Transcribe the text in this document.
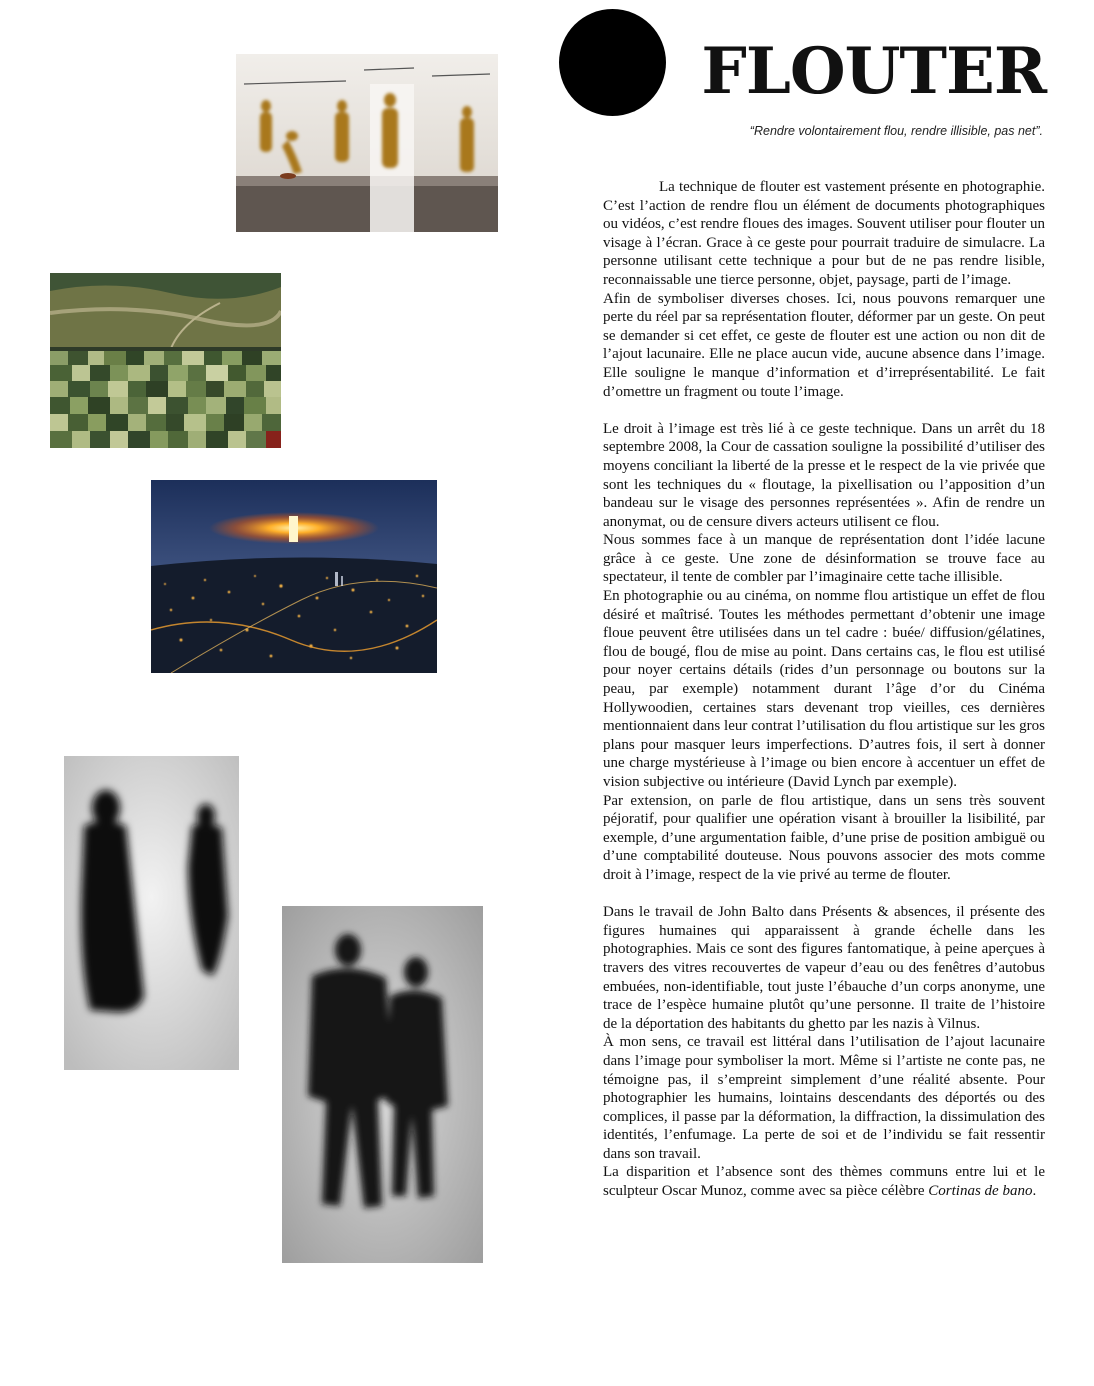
FLOUTER

“Rendre volontairement flou, rendre illisible, pas net”.

La technique de flouter est vastement présente en photographie. C’est l’action de rendre flou un élément de documents photographiques ou vidéos, c’est rendre floues des images. Souvent utiliser pour flouter un visage à l’écran. Grace à ce geste pour pourrait traduire de simulacre. La personne utilisant cette technique a pour but de ne pas rendre lisible, reconnaissable une tierce personne, objet, paysage, parti de l’image.

Afin de symboliser diverses choses. Ici, nous pouvons remarquer une perte du réel par sa représentation flouter, déformer par un geste. On peut se demander si cet effet, ce geste de flouter est une action ou non dit de l’ajout lacunaire. Elle ne place aucun vide, aucune absence dans l’image. Elle souligne le manque d’information et d’irreprésentabilité. Le fait d’omettre un fragment ou toute l’image.

Le droit à l’image est très lié à ce geste technique. Dans un arrêt du 18 septembre 2008, la Cour de cassation souligne la possibilité d’utiliser des moyens conciliant la liberté de la presse et le respect de la vie privée que sont les techniques du « floutage, la pixellisation ou l’apposition d’un bandeau sur le visage des personnes représentées ». Afin de rendre un anonymat, ou de censure divers acteurs utilisent ce flou.

Nous sommes face à un manque de représentation dont l’idée lacune grâce à ce geste. Une zone de désinformation se trouve face au spectateur, il tente de combler par l’imaginaire cette tache illisible.

En photographie ou au cinéma, on nomme flou artistique un effet de flou désiré et maîtrisé. Toutes les méthodes permettant d’obtenir une image floue peuvent être utilisées dans un tel cadre : buée/ diffusion/gélatines, flou de bougé, flou de mise au point. Dans certains cas, le flou est utilisé pour noyer certains détails (rides d’un personnage ou boutons sur la peau, par exemple) notamment durant l’âge d’or du Cinéma Hollywoodien, certaines stars devenant trop vieilles, ces dernières mentionnaient dans leur contrat l’utilisation du flou artistique sur les gros plans pour masquer leurs imperfections. D’autres fois, il sert à donner une charge mystérieuse à l’image ou bien encore à accentuer un effet de vision subjective ou intérieure (David Lynch par exemple).

Par extension, on parle de flou artistique, dans un sens très souvent péjoratif, pour qualifier une opération visant à brouiller la lisibilité, par exemple, d’une argumentation faible, d’une prise de position ambiguë ou d’une comptabilité douteuse. Nous pouvons associer des mots comme droit à l’image, respect de la vie privé au terme de flouter.

Dans le travail de John Balto dans Présents & absences, il présente des figures humaines qui apparaissent à grande échelle dans les photographies. Mais ce sont des figures fantomatique, à peine aperçues à travers des vitres recouvertes de vapeur d’eau ou des fenêtres d’autobus embuées, non-identifiable, tout juste l’ébauche d’un corps anonyme, une trace de l’espèce humaine plutôt qu’une personne. Il traite de l’histoire de la déportation des habitants du ghetto par les nazis à Vilnus.

À mon sens, ce travail est littéral dans l’utilisation de l’ajout lacunaire dans l’image pour symboliser la mort. Même si l’artiste ne conte pas, ne témoigne pas, il s’empreint simplement d’une réalité absente. Pour photographier les humains, lointains descendants des déportés ou des complices, il passe par la déformation, la diffraction, la dissimulation des identités, l’enfumage. La perte de soi et de l’individu se fait ressentir dans son travail.

La disparition et l’absence sont des thèmes communs entre lui et le sculpteur Oscar Munoz, comme avec sa pièce célèbre Cortinas de bano.
